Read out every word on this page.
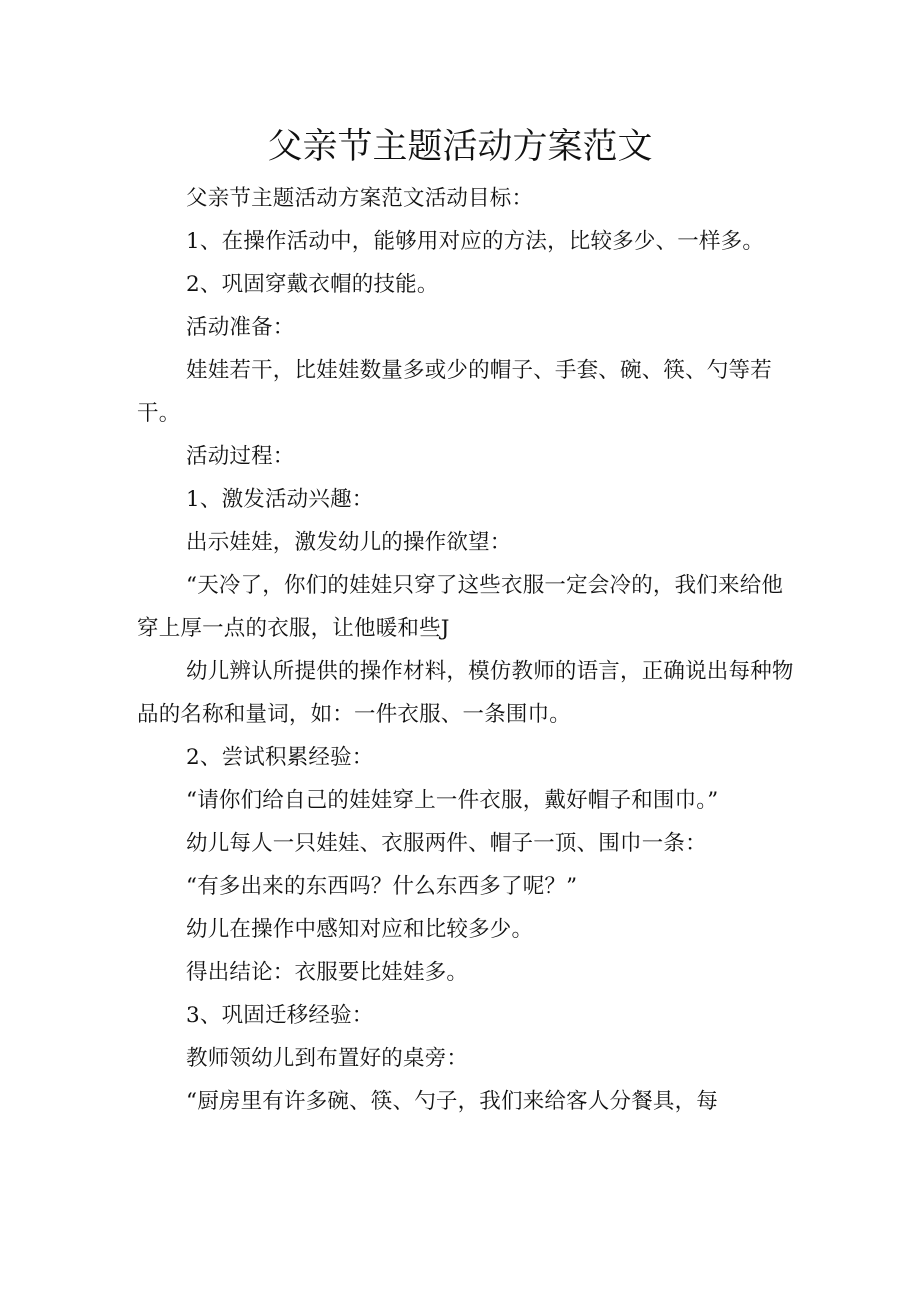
父亲节主题活动方案范文

父亲节主题活动方案范文活动目标：

1、在操作活动中，能够用对应的方法，比较多少、一样多。

2、巩固穿戴衣帽的技能。

活动准备：

娃娃若干，比娃娃数量多或少的帽子、手套、碗、筷、勺等若干。

活动过程：

1、激发活动兴趣：

出示娃娃，激发幼儿的操作欲望：

“天冷了，你们的娃娃只穿了这些衣服一定会冷的，我们来给他穿上厚一点的衣服，让他暖和些J

幼儿辨认所提供的操作材料，模仿教师的语言，正确说出每种物品的名称和量词，如：一件衣服、一条围巾。

2、尝试积累经验：

“请你们给自己的娃娃穿上一件衣服，戴好帽子和围巾。”

幼儿每人一只娃娃、衣服两件、帽子一顶、围巾一条：

“有多出来的东西吗？什么东西多了呢？”

幼儿在操作中感知对应和比较多少。

得出结论：衣服要比娃娃多。

3、巩固迁移经验：

教师领幼儿到布置好的桌旁：

“厨房里有许多碗、筷、勺子，我们来给客人分餐具，每
